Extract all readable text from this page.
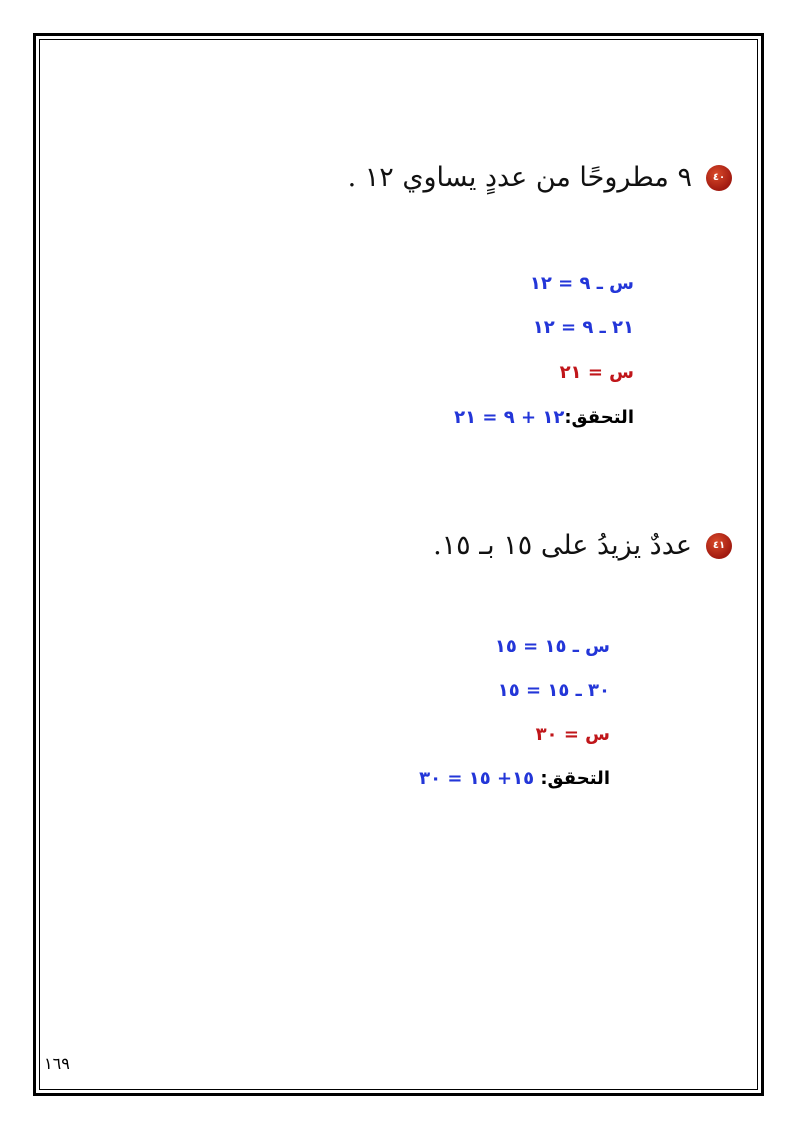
٤٠
٩ مطروحًا من عددٍ يساوي ١٢ .
س ـ ٩ = ١٢
٢١ ـ ٩ = ١٢
س = ٢١
التحقق:١٢ + ٩ = ٢١
٤١
عددٌ يزيدُ على ١٥ بـ ١٥.
س ـ ١٥ = ١٥
٣٠ ـ ١٥ = ١٥
س = ٣٠
التحقق: ١٥+ ١٥ = ٣٠
١٦٩
